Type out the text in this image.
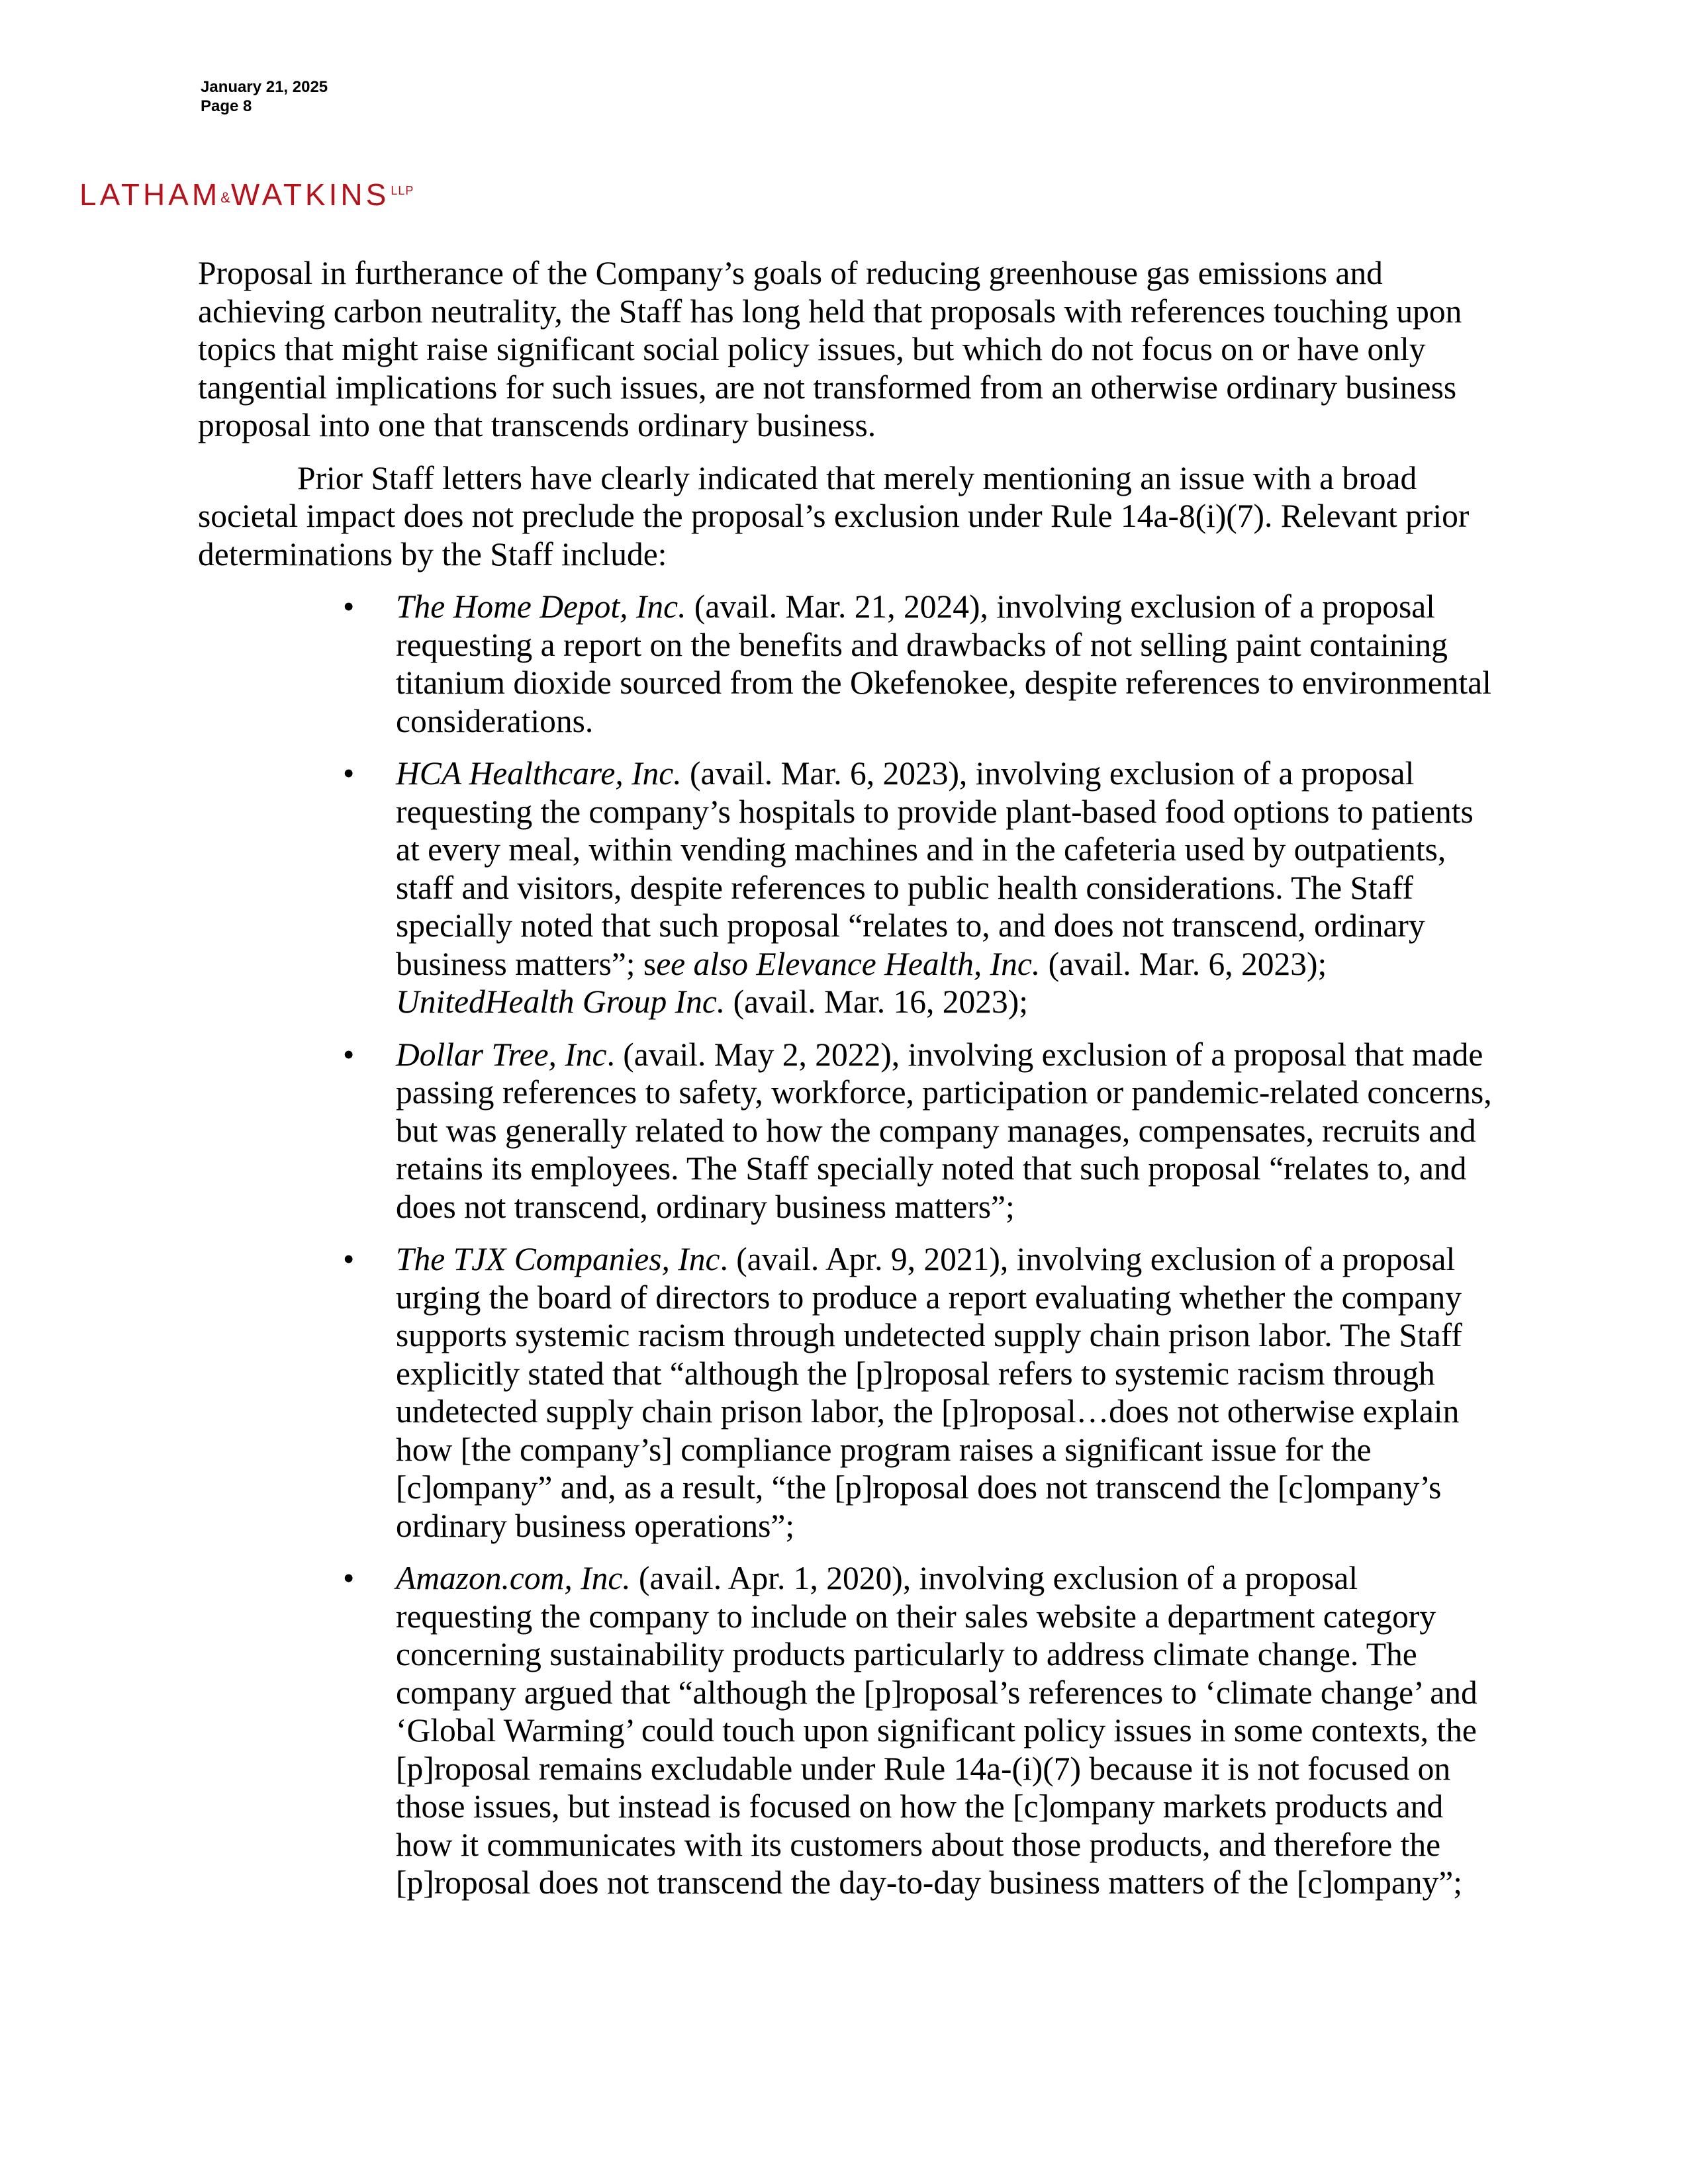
January 21, 2025
Page 8
LATHAM&WATKINS $^{LLP}$

Proposal in furtherance of the Company’s goals of reducing greenhouse gas emissions and achieving carbon neutrality, the Staff has long held that proposals with references touching upon topics that might raise significant social policy issues, but which do not focus on or have only tangential implications for such issues, are not transformed from an otherwise ordinary business proposal into one that transcends ordinary business.

Prior Staff letters have clearly indicated that merely mentioning an issue with a broad societal impact does not preclude the proposal’s exclusion under Rule 14a-8(i)(7). Relevant prior determinations by the Staff include:

• The Home Depot, Inc. (avail. Mar. 21, 2024), involving exclusion of a proposal requesting a report on the benefits and drawbacks of not selling paint containing titanium dioxide sourced from the Okefenokee, despite references to environmental considerations.
• HCA Healthcare, Inc. (avail. Mar. 6, 2023), involving exclusion of a proposal requesting the company’s hospitals to provide plant-based food options to patients at every meal, within vending machines and in the cafeteria used by outpatients, staff and visitors, despite references to public health considerations. The Staff specially noted that such proposal “relates to, and does not transcend, ordinary business matters”; see also Elevance Health, Inc. (avail. Mar. 6, 2023); UnitedHealth Group Inc. (avail. Mar. 16, 2023);
• Dollar Tree, Inc. (avail. May 2, 2022), involving exclusion of a proposal that made passing references to safety, workforce, participation or pandemic-related concerns, but was generally related to how the company manages, compensates, recruits and retains its employees. The Staff specially noted that such proposal “relates to, and does not transcend, ordinary business matters”;
• The TJX Companies, Inc. (avail. Apr. 9, 2021), involving exclusion of a proposal urging the board of directors to produce a report evaluating whether the company supports systemic racism through undetected supply chain prison labor. The Staff explicitly stated that “although the [p]roposal refers to systemic racism through undetected supply chain prison labor, the [p]roposal…does not otherwise explain how [the company’s] compliance program raises a significant issue for the [c]ompany” and, as a result, “the [p]roposal does not transcend the [c]ompany’s ordinary business operations”;
• Amazon.com, Inc. (avail. Apr. 1, 2020), involving exclusion of a proposal requesting the company to include on their sales website a department category concerning sustainability products particularly to address climate change. The company argued that “although the [p]roposal’s references to ‘climate change’ and ‘Global Warming’ could touch upon significant policy issues in some contexts, the [p]roposal remains excludable under Rule 14a-(i)(7) because it is not focused on those issues, but instead is focused on how the [c]ompany markets products and how it communicates with its customers about those products, and therefore the [p]roposal does not transcend the day-to-day business matters of the [c]ompany”;
